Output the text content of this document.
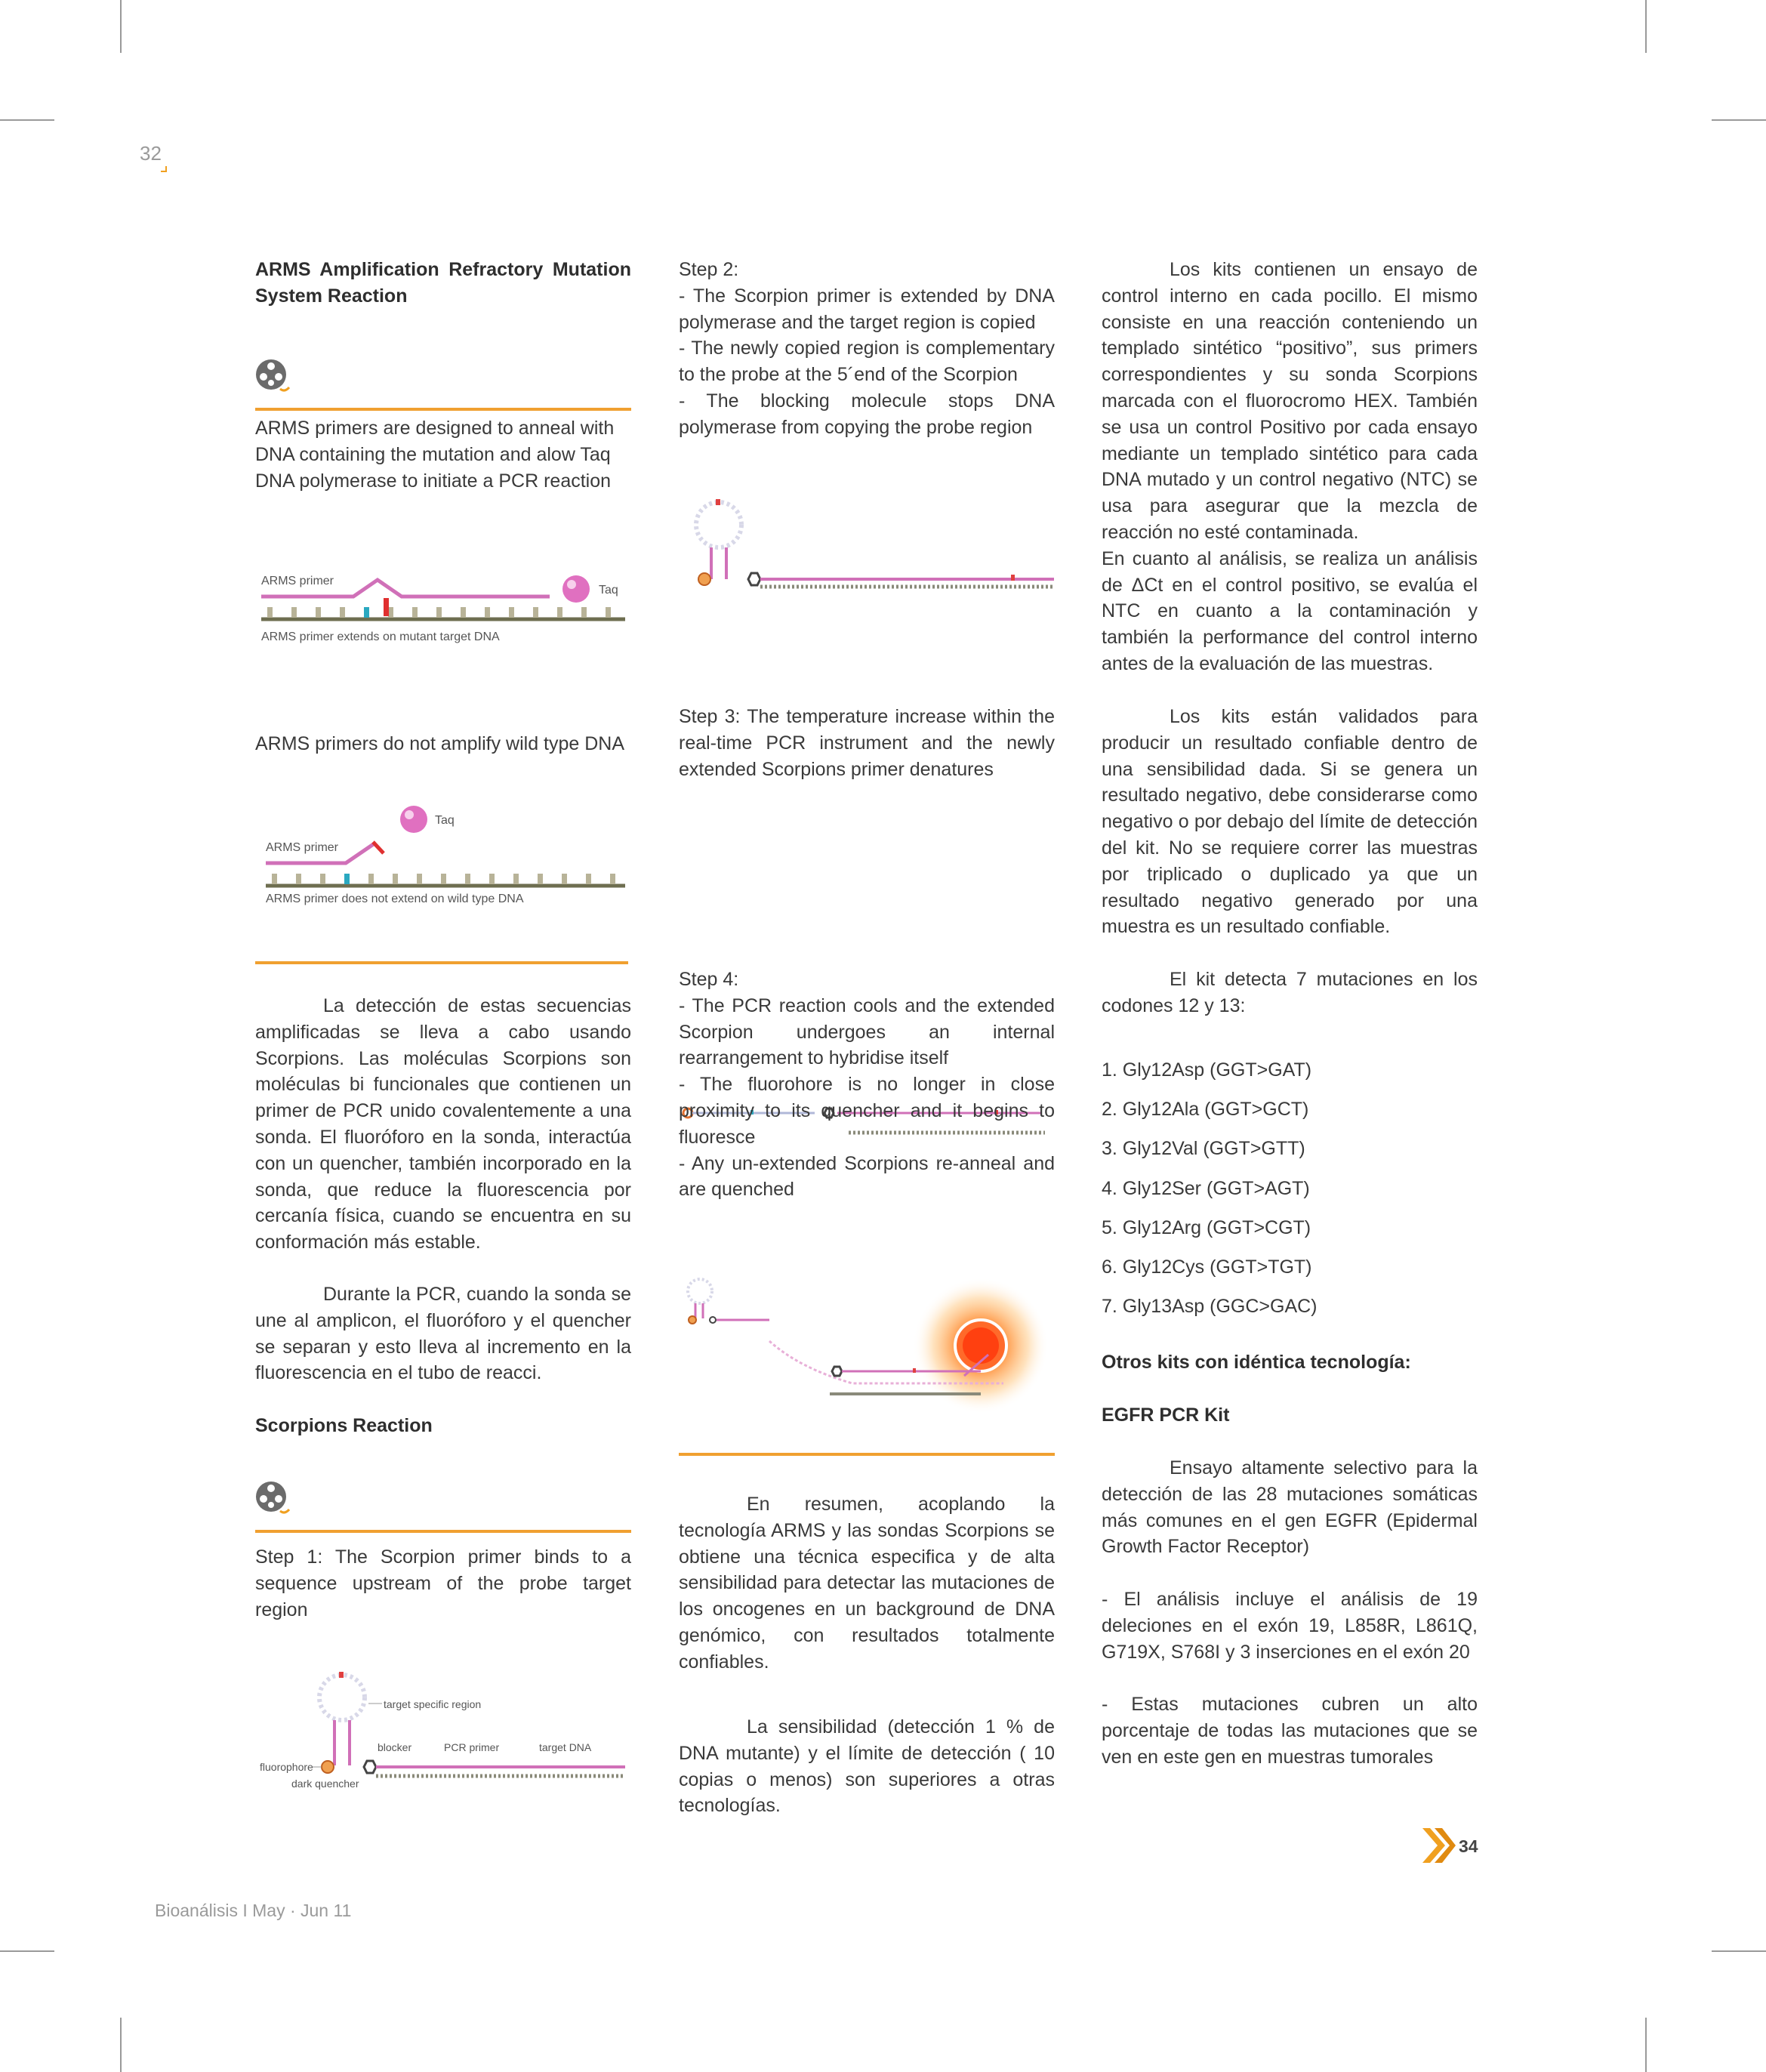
32
ARMS Amplification Refractory Mutation System Reaction
ARMS primers are designed to anneal with DNA containing the mutation and alow Taq DNA polymerase to initiate a PCR reaction
ARMS primer
Taq
ARMS primer extends on mutant target DNA
ARMS primers do not amplify wild type DNA
Taq
ARMS primer
ARMS primer does not extend on wild type DNA
La detección de estas secuencias amplificadas se lleva a cabo usando Scorpions. Las moléculas Scorpions son moléculas bi funcionales que contienen un primer de PCR unido covalentemente a una sonda. El fluoróforo en la sonda, interactúa con un quencher, también incorporado en la sonda, que reduce la fluorescencia por cercanía física, cuando se encuentra en su conformación más estable.
Durante la PCR, cuando la sonda se une al amplicon, el fluoróforo y el quencher se separan y esto lleva al incremento en la fluorescencia en el tubo de reacci.
Scorpions Reaction
Step 1: The Scorpion primer binds to a sequence upstream of the probe target region
target specific region
blocker	PCR primer	target DNA
fluorophore
dark quencher
Step 2:
- The Scorpion primer is extended by DNA polymerase and the target region is copied
- The newly copied region is complementary to the probe at the 5´end of the Scorpion
- The blocking molecule stops DNA polymerase from copying the probe region
Step 3: The temperature increase within the real-time PCR instrument and the newly extended Scorpions primer denatures
Step 4:
- The PCR reaction cools and the extended Scorpion undergoes an internal rearrangement to hybridise itself
- The fluorohore is no longer in close proximity to its quencher and it begins to fluoresce
- Any un-extended Scorpions re-anneal and are quenched
En resumen, acoplando la tecnología ARMS y las sondas Scorpions se obtiene una técnica especifica y de alta sensibilidad para detectar las mutaciones de los oncogenes en un background de DNA genómico, con resultados totalmente confiables.
La sensibilidad (detección 1 % de DNA mutante) y el límite de detección ( 10 copias o menos) son superiores a otras tecnologías.
Los kits contienen un ensayo de control interno en cada pocillo. El mismo consiste en una reacción conteniendo un templado sintético “positivo”, sus primers correspondientes y su sonda Scorpions marcada con el fluorocromo HEX. También se usa un control Positivo por cada ensayo mediante un templado sintético para cada DNA mutado y un control negativo (NTC) se usa para asegurar que la mezcla de reacción no esté contaminada.
En cuanto al análisis, se realiza un análisis de ΔCt en el control positivo, se evalúa el NTC en cuanto a la contaminación y también la performance del control interno antes de la evaluación de las muestras.
Los kits están validados para producir un resultado confiable dentro de una sensibilidad dada. Si se genera un resultado negativo, debe considerarse como negativo o por debajo del límite de detección del kit. No se requiere correr las muestras por triplicado o duplicado ya que un resultado negativo generado por una muestra es un resultado confiable.
El kit detecta 7 mutaciones en los codones 12 y 13:
1. Gly12Asp (GGT>GAT)
2. Gly12Ala (GGT>GCT)
3. Gly12Val (GGT>GTT)
4. Gly12Ser (GGT>AGT)
5. Gly12Arg (GGT>CGT)
6. Gly12Cys (GGT>TGT)
7. Gly13Asp (GGC>GAC)
Otros kits con idéntica tecnología:
EGFR PCR Kit
Ensayo altamente selectivo para la detección de las 28 mutaciones somáticas más comunes en el gen EGFR (Epidermal Growth Factor Receptor)
- El análisis incluye el análisis de 19 deleciones en el exón 19, L858R, L861Q, G719X, S768I y 3 inserciones en el exón 20
- Estas mutaciones cubren un alto porcentaje de todas las mutaciones que se ven en este gen en muestras tumorales
34
Bioanálisis I May · Jun 11
